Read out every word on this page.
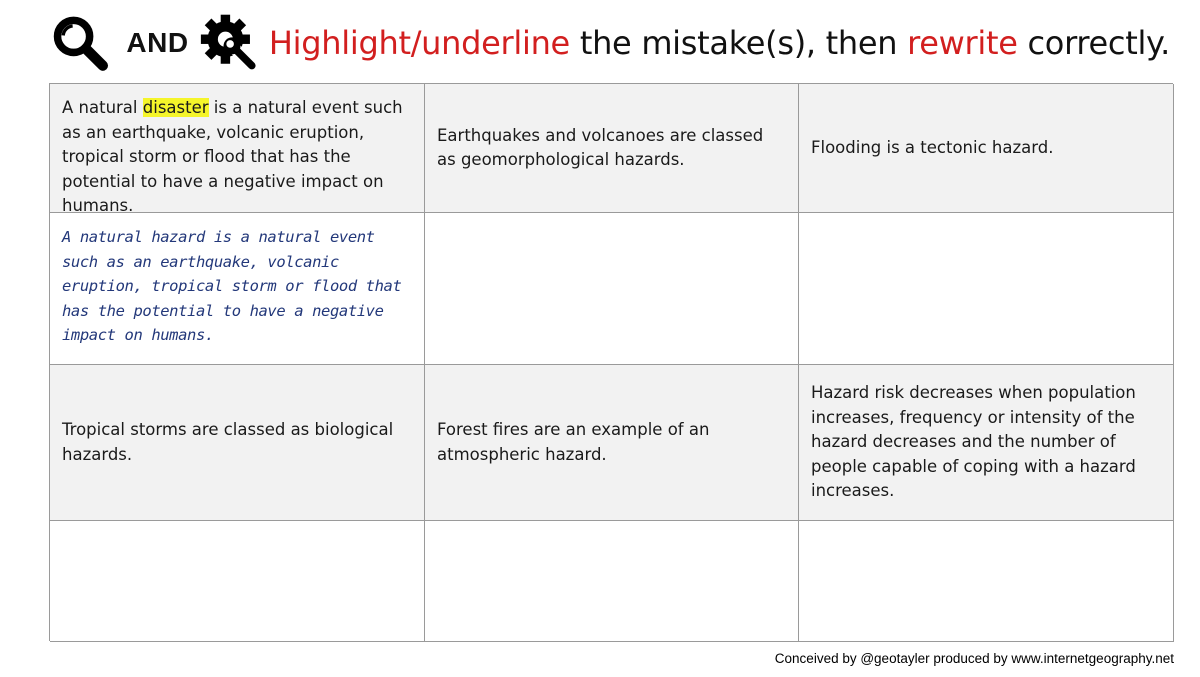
AND	Highlight/underline the mistake(s), then rewrite correctly.
A natural disaster is a natural event such as an earthquake, volcanic eruption, tropical storm or flood that has the potential to have a negative impact on humans.
Earthquakes and volcanoes are classed as geomorphological hazards.
Flooding is a tectonic hazard.
A natural hazard is a natural event such as an earthquake, volcanic eruption, tropical storm or flood that has the potential to have a negative impact on humans.
Tropical storms are classed as biological hazards.
Forest fires are an example of an atmospheric hazard.
Hazard risk decreases when population increases, frequency or intensity of the hazard decreases and the number of people capable of coping with a hazard increases.
Conceived by @geotayler produced by www.internetgeography.net
